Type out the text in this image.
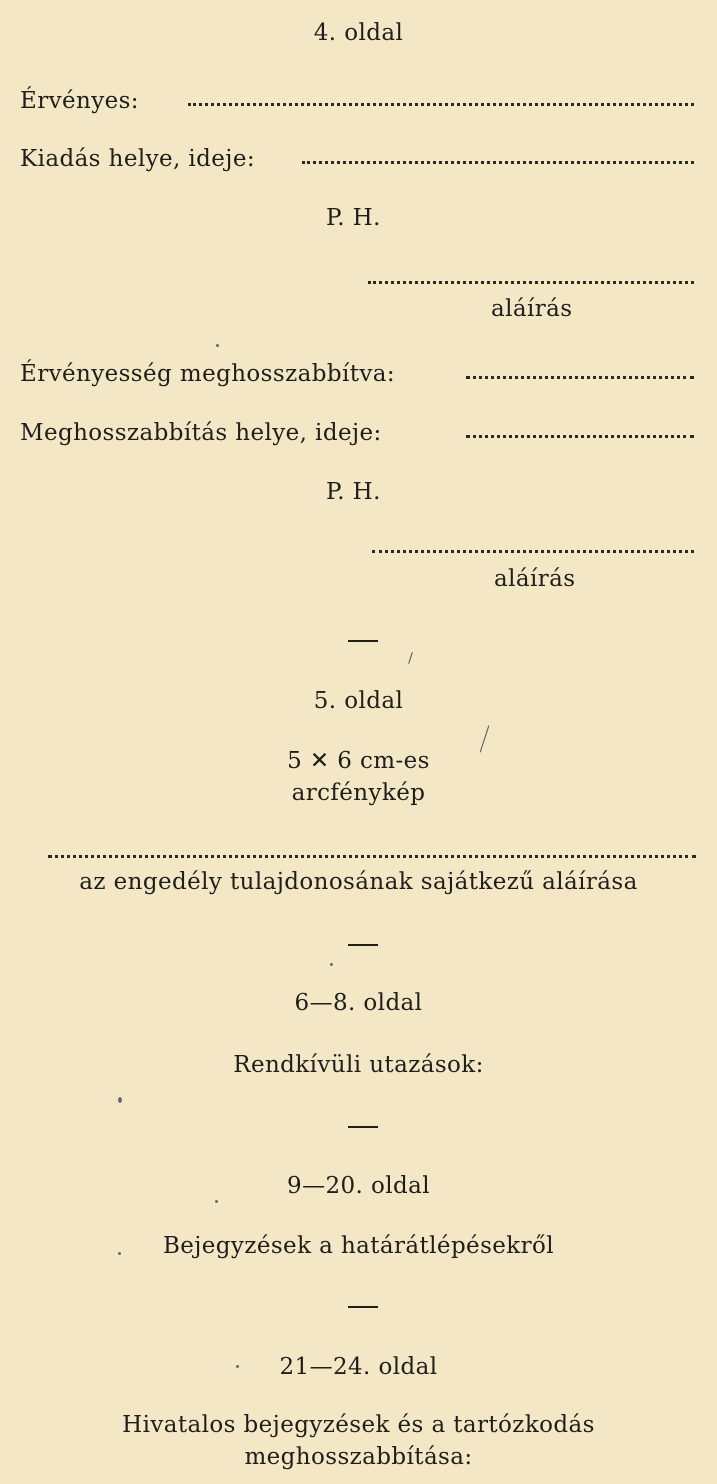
4. oldal
Érvényes:
Kiadás helye, ideje:
P. H.
aláírás
Érvényesség meghosszabbítva:
Meghosszabbítás helye, ideje:
P. H.
aláírás
5. oldal
5 ✕ 6 cm-es
arcfénykép
az engedély tulajdonosának sajátkezű aláírása
6—8. oldal
Rendkívüli utazások:
9—20. oldal
Bejegyzések a határátlépésekről
21—24. oldal
Hivatalos bejegyzések és a tartózkodás
meghosszabbítása:
